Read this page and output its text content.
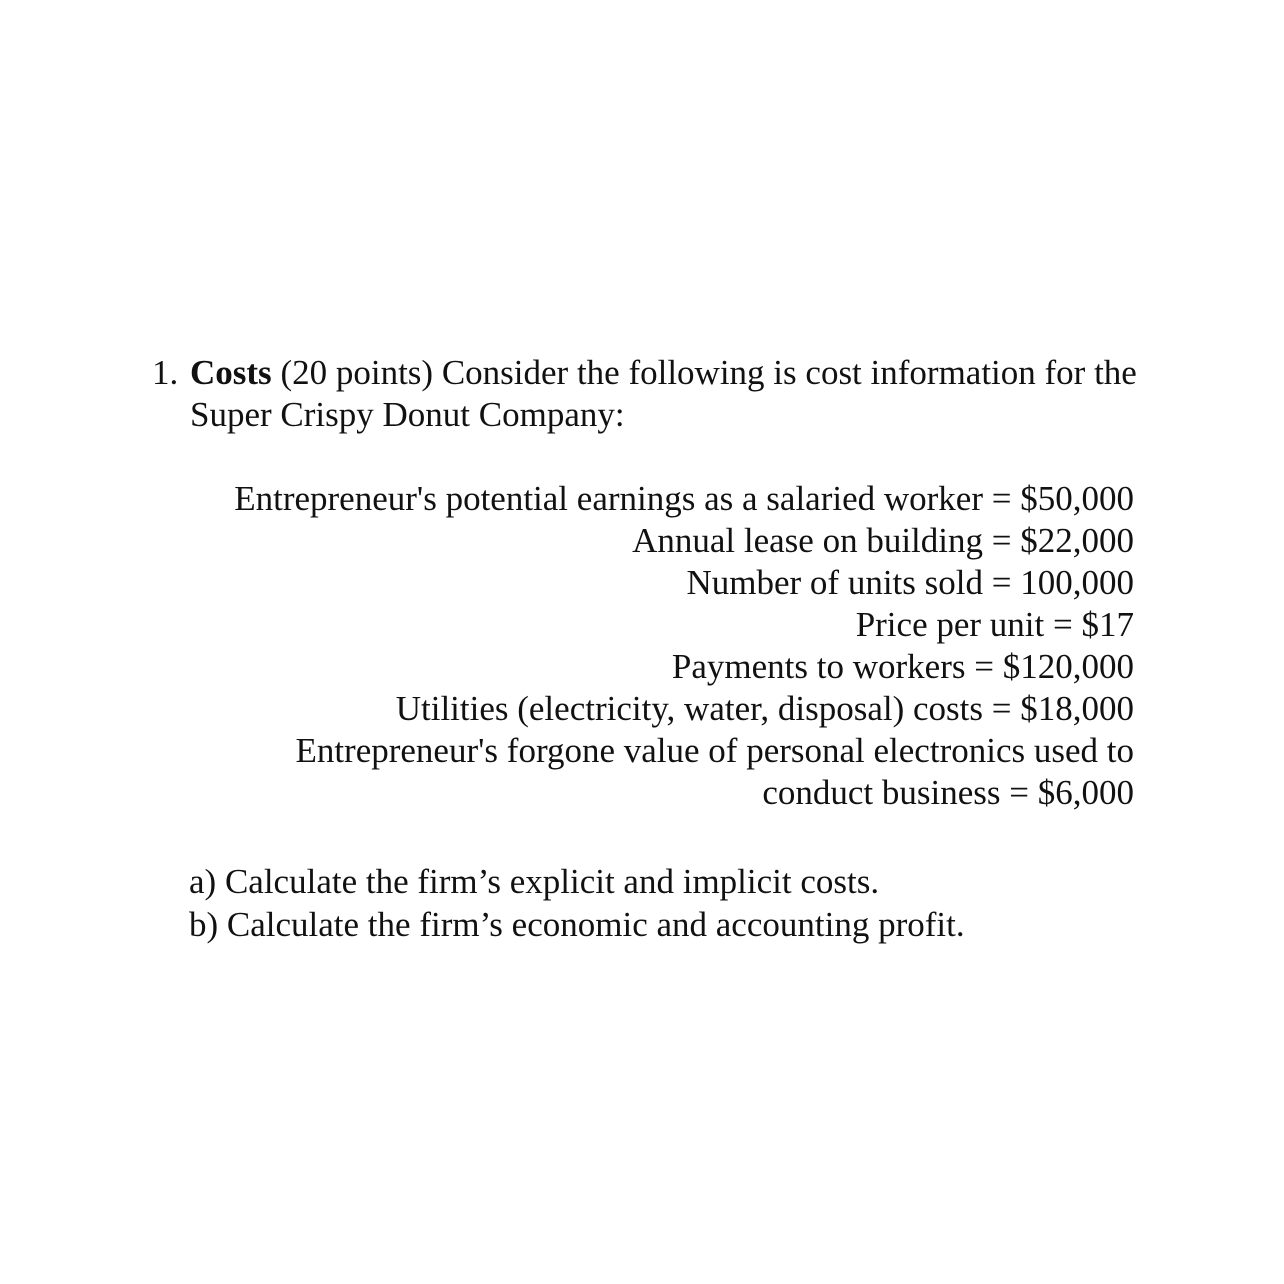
1. Costs (20 points) Consider the following is cost information for the Super Crispy Donut Company:
Entrepreneur's potential earnings as a salaried worker = $50,000
Annual lease on building = $22,000
Number of units sold = 100,000
Price per unit = $17
Payments to workers = $120,000
Utilities (electricity, water, disposal) costs = $18,000
Entrepreneur's forgone value of personal electronics used to conduct business = $6,000
a) Calculate the firm’s explicit and implicit costs.
b) Calculate the firm’s economic and accounting profit.
